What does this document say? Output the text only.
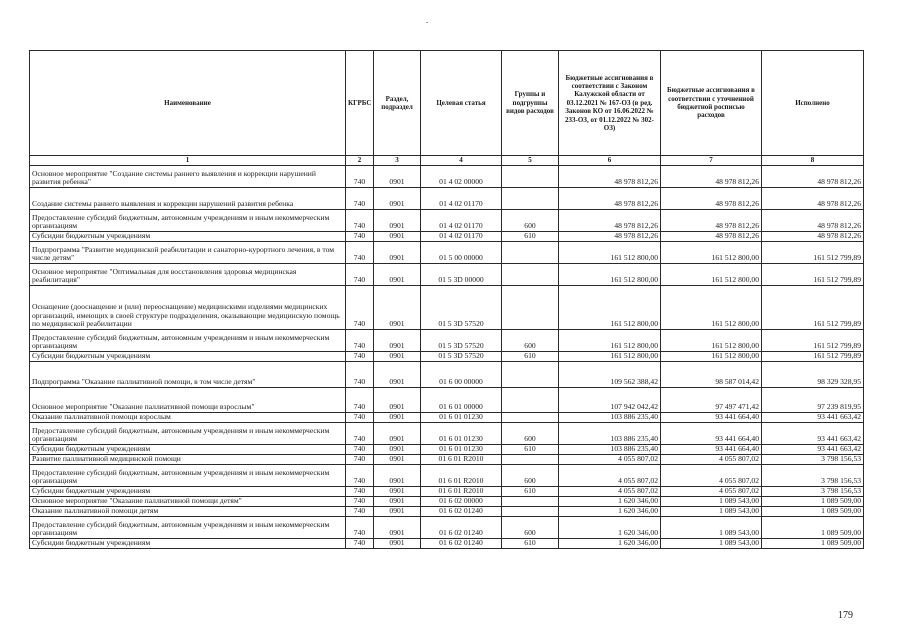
Наименование	КГРБС	Раздел, подраздел	Целевая статья	Группы и подгруппы видов расходов	Бюджетные ассигнования в соответствии с Законом Калужской области от 03.12.2021 № 167-ОЗ (в ред. Законов КО от 16.06.2022 № 233-ОЗ, от 01.12.2022 № 302-ОЗ)	Бюджетные ассигнования в соответствии с уточненной бюджетной росписью расходов	Исполнено
1	2	3	4	5	6	7	8
Основное мероприятие "Создание системы раннего выявления и коррекции нарушений развития ребенка"	740	0901	01 4 02 00000		48 978 812,26	48 978 812,26	48 978 812,26
Создание системы раннего выявления и коррекции нарушений развития ребенка	740	0901	01 4 02 01170		48 978 812,26	48 978 812,26	48 978 812,26
Предоставление субсидий бюджетным, автономным учреждениям и иным некоммерческим организациям	740	0901	01 4 02 01170	600	48 978 812,26	48 978 812,26	48 978 812,26
Субсидии бюджетным учреждениям	740	0901	01 4 02 01170	610	48 978 812,26	48 978 812,26	48 978 812,26
Подпрограмма "Развитие медицинской реабилитации и санаторно-курортного лечения, в том числе детям"	740	0901	01 5 00 00000		161 512 800,00	161 512 800,00	161 512 799,89
Основное мероприятие "Оптимальная для восстановления здоровья медицинская реабилитация"	740	0901	01 5 3D 00000		161 512 800,00	161 512 800,00	161 512 799,89
Оснащение (дооснащение и (или) переоснащение) медицинскими изделиями медицинских организаций, имеющих в своей структуре подразделения, оказывающие медицинскую помощь по медицинской реабилитации	740	0901	01 5 3D 57520		161 512 800,00	161 512 800,00	161 512 799,89
Предоставление субсидий бюджетным, автономным учреждениям и иным некоммерческим организациям	740	0901	01 5 3D 57520	600	161 512 800,00	161 512 800,00	161 512 799,89
Субсидии бюджетным учреждениям	740	0901	01 5 3D 57520	610	161 512 800,00	161 512 800,00	161 512 799,89
Подпрограмма "Оказание паллиативной помощи, в том числе детям"	740	0901	01 6 00 00000		109 562 388,42	98 587 014,42	98 329 328,95
Основное мероприятие "Оказание паллиативной помощи взрослым"	740	0901	01 6 01 00000		107 942 042,42	97 497 471,42	97 239 819,95
Оказание паллиативной помощи взрослым	740	0901	01 6 01 01230		103 886 235,40	93 441 664,40	93 441 663,42
Предоставление субсидий бюджетным, автономным учреждениям и иным некоммерческим организациям	740	0901	01 6 01 01230	600	103 886 235,40	93 441 664,40	93 441 663,42
Субсидии бюджетным учреждениям	740	0901	01 6 01 01230	610	103 886 235,40	93 441 664,40	93 441 663,42
Развитие паллиативной медицинской помощи	740	0901	01 6 01 R2010		4 055 807,02	4 055 807,02	3 798 156,53
Предоставление субсидий бюджетным, автономным учреждениям и иным некоммерческим организациям	740	0901	01 6 01 R2010	600	4 055 807,02	4 055 807,02	3 798 156,53
Субсидии бюджетным учреждениям	740	0901	01 6 01 R2010	610	4 055 807,02	4 055 807,02	3 798 156,53
Основное мероприятие "Оказание паллиативной помощи детям"	740	0901	01 6 02 00000		1 620 346,00	1 089 543,00	1 089 509,00
Оказание паллиативной помощи детям	740	0901	01 6 02 01240		1 620 346,00	1 089 543,00	1 089 509,00
Предоставление субсидий бюджетным, автономным учреждениям и иным некоммерческим организациям	740	0901	01 6 02 01240	600	1 620 346,00	1 089 543,00	1 089 509,00
Субсидии бюджетным учреждениям	740	0901	01 6 02 01240	610	1 620 346,00	1 089 543,00	1 089 509,00
179
